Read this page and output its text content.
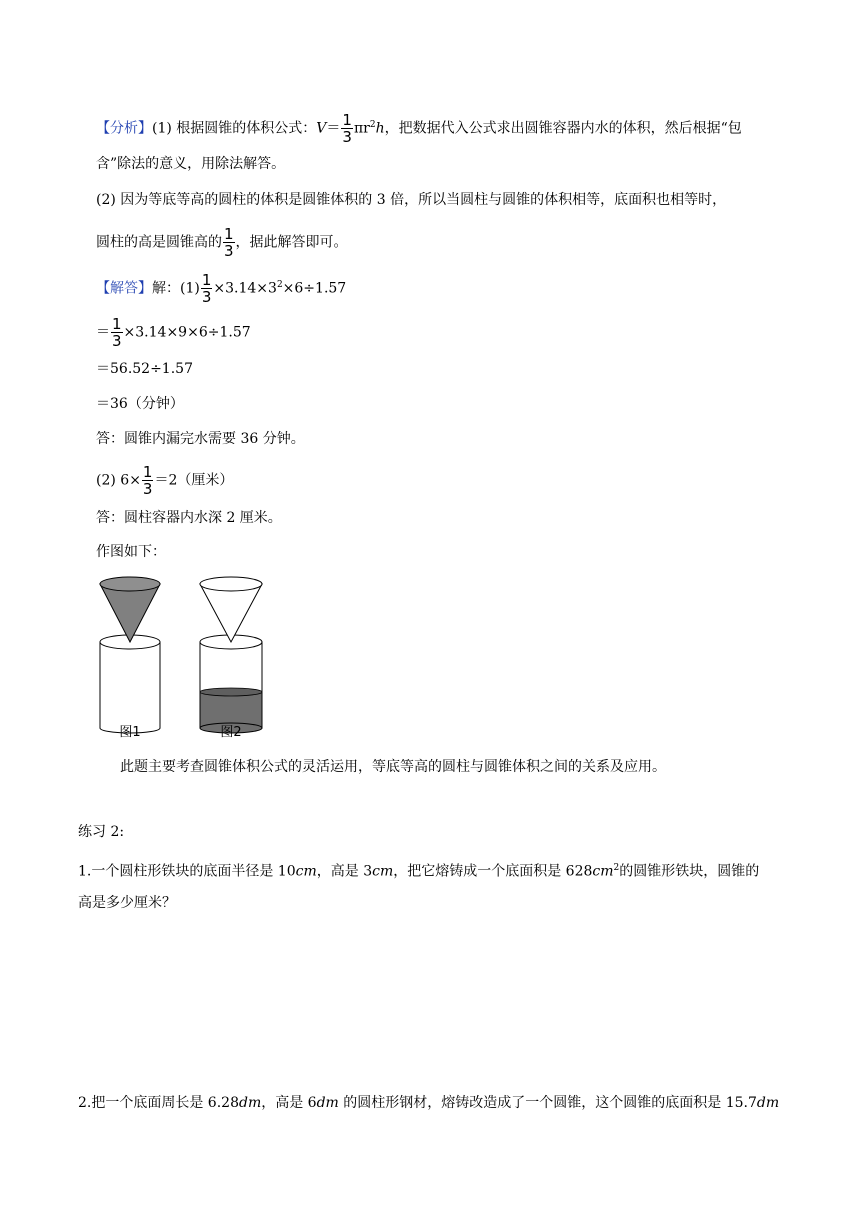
【分析】(1) 根据圆锥的体积公式：$V= \frac{1}{3} \pi r^2h$，把数据代入公式求出圆锥容器内水的体积，然后根据“包
含”除法的意义，用除法解答。
(2) 因为等底等高的圆柱的体积是圆锥体积的 3 倍，所以当圆柱与圆锥的体积相等，底面积也相等时，
圆柱的高是圆锥高的 $\frac{1}{3}$ ，据此解答即可。
【解答】解：$(1) \frac{1}{3} \times 3.14\times 3^2\times 6\div 1.57$
＝ $\frac{1}{3} \times 3.14\times 9\times 6\div 1.57$
＝56.52÷1.57
＝36（分钟）
答：圆锥内漏完水需要 36 分钟。
(2) $6\times \frac{1}{3} =2$（厘米）
答：圆柱容器内水深 2 厘米。
作图如下：
图1	图2
此题主要考查圆锥体积公式的灵活运用，等底等高的圆柱与圆锥体积之间的关系及应用。
练习 2:
1.一个圆柱形铁块的底面半径是 10cm，高是 3cm，把它熔铸成一个底面积是 $628cm^2$的圆锥形铁块，圆锥的
高是多少厘米？
2.把一个底面周长是 6.28dm，高是 6dm 的圆柱形钢材，熔铸改造成了一个圆锥，这个圆锥的底面积是 15.7dm
